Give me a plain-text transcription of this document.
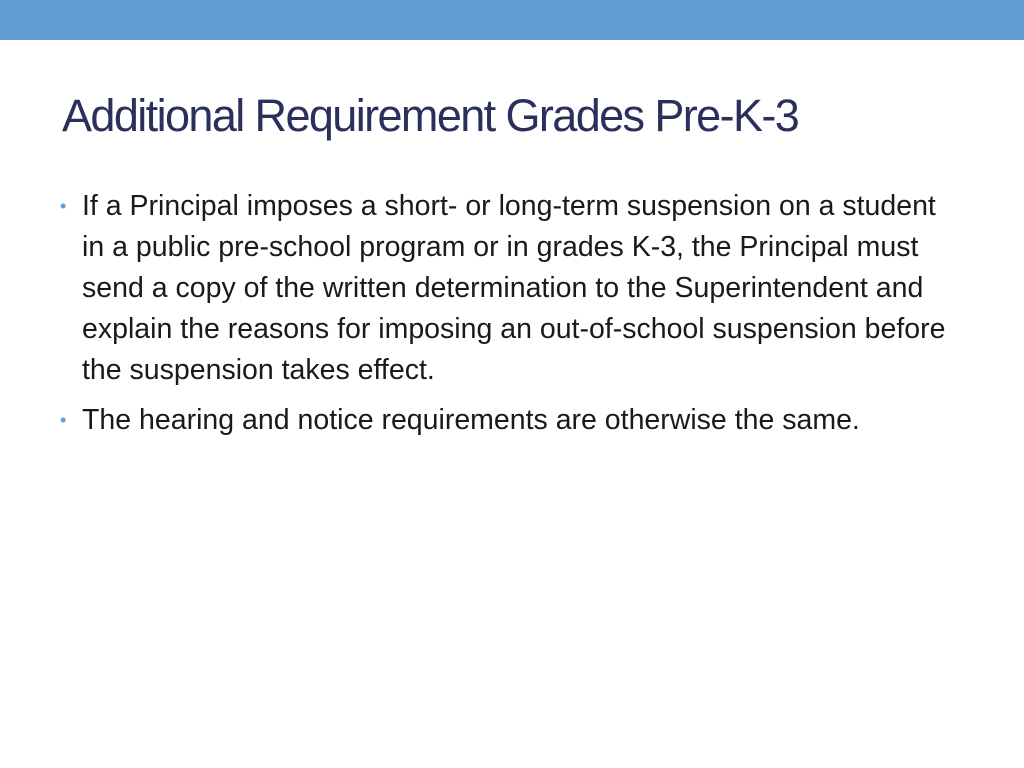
Additional Requirement Grades Pre-K-3
• If a Principal imposes a short- or long-term suspension on a student in a public pre-school program or in grades K-3, the Principal must send a copy of the written determination to the Superintendent and explain the reasons for imposing an out-of-school suspension before the suspension takes effect.
• The hearing and notice requirements are otherwise the same.
